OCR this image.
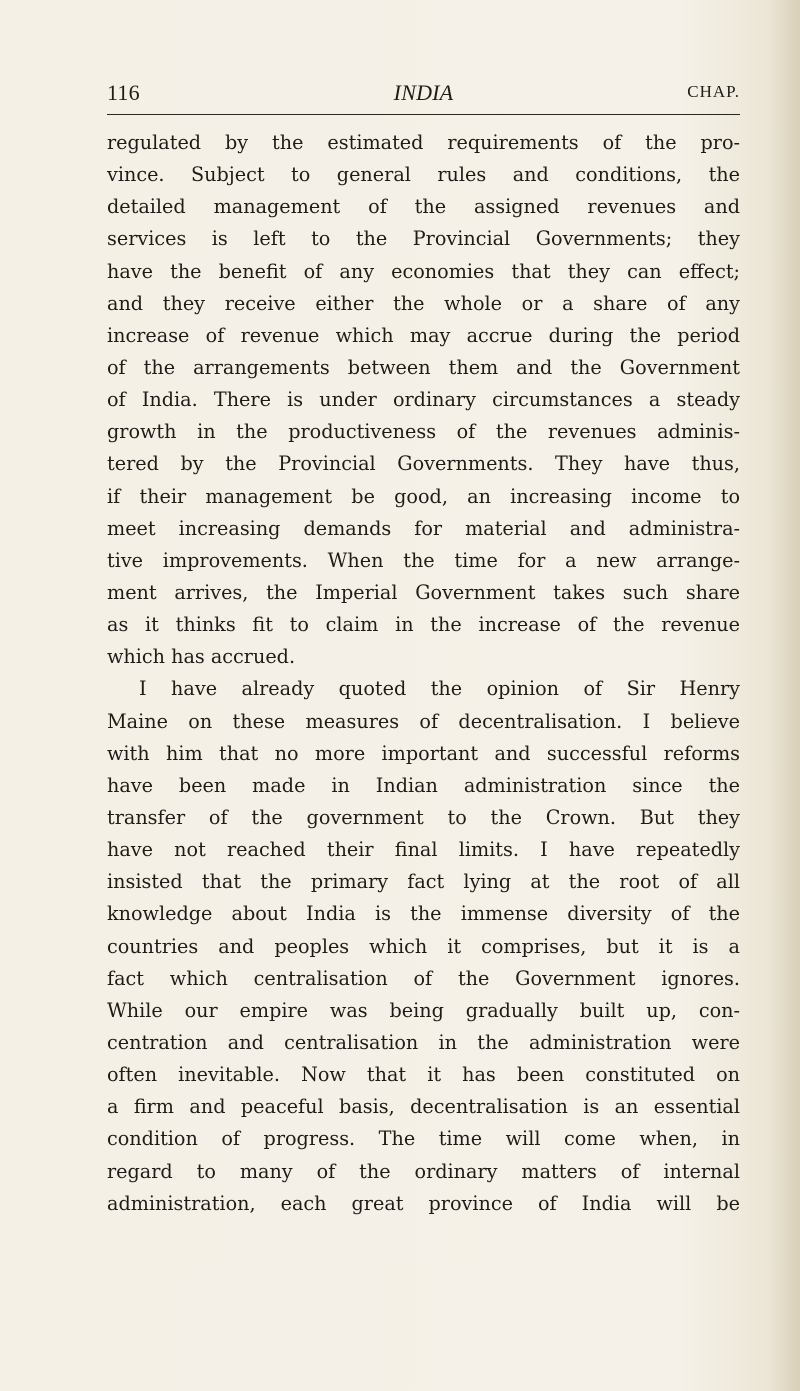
116	INDIA	CHAP.
regulated by the estimated requirements of the pro-
vince. Subject to general rules and conditions, the
detailed management of the assigned revenues and
services is left to the Provincial Governments; they
have the benefit of any economies that they can effect;
and they receive either the whole or a share of any
increase of revenue which may accrue during the period
of the arrangements between them and the Government
of India. There is under ordinary circumstances a steady
growth in the productiveness of the revenues adminis-
tered by the Provincial Governments. They have thus,
if their management be good, an increasing income to
meet increasing demands for material and administra-
tive improvements. When the time for a new arrange-
ment arrives, the Imperial Government takes such share
as it thinks fit to claim in the increase of the revenue
which has accrued.
I have already quoted the opinion of Sir Henry
Maine on these measures of decentralisation. I believe
with him that no more important and successful reforms
have been made in Indian administration since the
transfer of the government to the Crown. But they
have not reached their final limits. I have repeatedly
insisted that the primary fact lying at the root of all
knowledge about India is the immense diversity of the
countries and peoples which it comprises, but it is a
fact which centralisation of the Government ignores.
While our empire was being gradually built up, con-
centration and centralisation in the administration were
often inevitable. Now that it has been constituted on
a firm and peaceful basis, decentralisation is an essential
condition of progress. The time will come when, in
regard to many of the ordinary matters of internal
administration, each great province of India will be
